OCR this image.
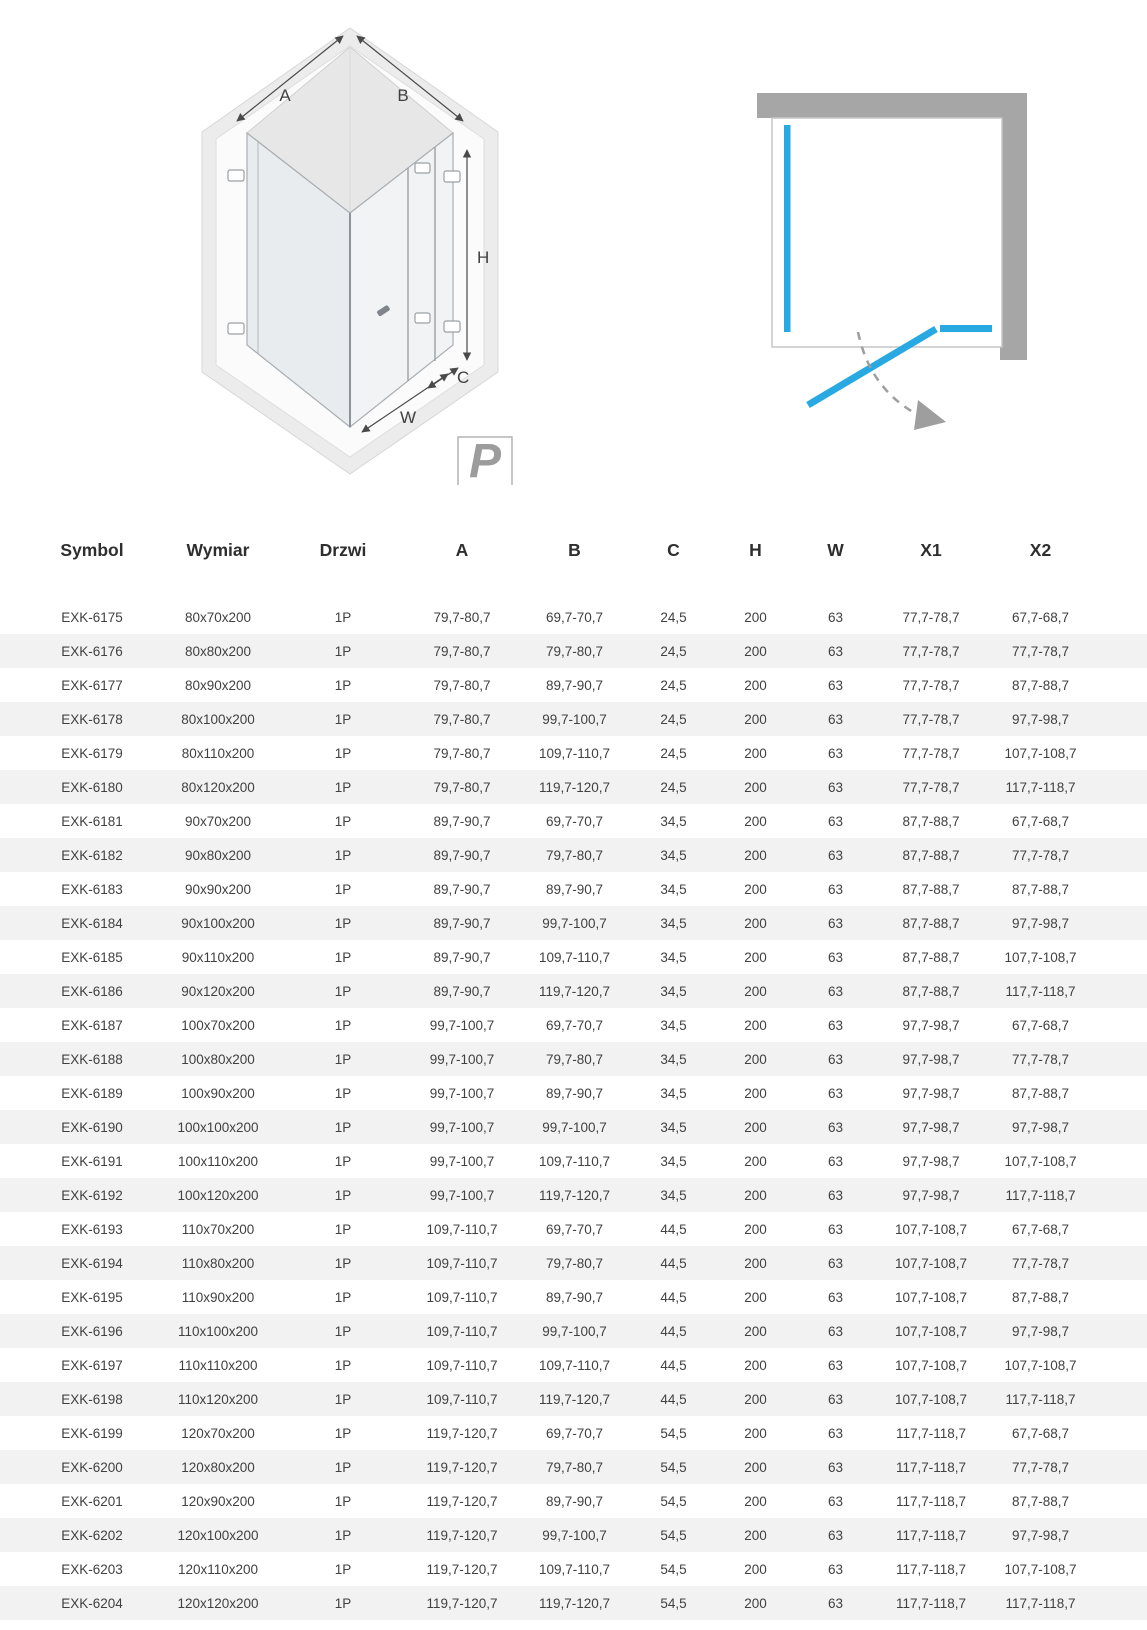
A	B
H
C
W
P
Symbol	Wymiar	Drzwi	A	B	C	H	W	X1	X2
EXK-6175	80x70x200	1P	79,7-80,7	69,7-70,7	24,5	200	63	77,7-78,7	67,7-68,7
EXK-6176	80x80x200	1P	79,7-80,7	79,7-80,7	24,5	200	63	77,7-78,7	77,7-78,7
EXK-6177	80x90x200	1P	79,7-80,7	89,7-90,7	24,5	200	63	77,7-78,7	87,7-88,7
EXK-6178	80x100x200	1P	79,7-80,7	99,7-100,7	24,5	200	63	77,7-78,7	97,7-98,7
EXK-6179	80x110x200	1P	79,7-80,7	109,7-110,7	24,5	200	63	77,7-78,7	107,7-108,7
EXK-6180	80x120x200	1P	79,7-80,7	119,7-120,7	24,5	200	63	77,7-78,7	117,7-118,7
EXK-6181	90x70x200	1P	89,7-90,7	69,7-70,7	34,5	200	63	87,7-88,7	67,7-68,7
EXK-6182	90x80x200	1P	89,7-90,7	79,7-80,7	34,5	200	63	87,7-88,7	77,7-78,7
EXK-6183	90x90x200	1P	89,7-90,7	89,7-90,7	34,5	200	63	87,7-88,7	87,7-88,7
EXK-6184	90x100x200	1P	89,7-90,7	99,7-100,7	34,5	200	63	87,7-88,7	97,7-98,7
EXK-6185	90x110x200	1P	89,7-90,7	109,7-110,7	34,5	200	63	87,7-88,7	107,7-108,7
EXK-6186	90x120x200	1P	89,7-90,7	119,7-120,7	34,5	200	63	87,7-88,7	117,7-118,7
EXK-6187	100x70x200	1P	99,7-100,7	69,7-70,7	34,5	200	63	97,7-98,7	67,7-68,7
EXK-6188	100x80x200	1P	99,7-100,7	79,7-80,7	34,5	200	63	97,7-98,7	77,7-78,7
EXK-6189	100x90x200	1P	99,7-100,7	89,7-90,7	34,5	200	63	97,7-98,7	87,7-88,7
EXK-6190	100x100x200	1P	99,7-100,7	99,7-100,7	34,5	200	63	97,7-98,7	97,7-98,7
EXK-6191	100x110x200	1P	99,7-100,7	109,7-110,7	34,5	200	63	97,7-98,7	107,7-108,7
EXK-6192	100x120x200	1P	99,7-100,7	119,7-120,7	34,5	200	63	97,7-98,7	117,7-118,7
EXK-6193	110x70x200	1P	109,7-110,7	69,7-70,7	44,5	200	63	107,7-108,7	67,7-68,7
EXK-6194	110x80x200	1P	109,7-110,7	79,7-80,7	44,5	200	63	107,7-108,7	77,7-78,7
EXK-6195	110x90x200	1P	109,7-110,7	89,7-90,7	44,5	200	63	107,7-108,7	87,7-88,7
EXK-6196	110x100x200	1P	109,7-110,7	99,7-100,7	44,5	200	63	107,7-108,7	97,7-98,7
EXK-6197	110x110x200	1P	109,7-110,7	109,7-110,7	44,5	200	63	107,7-108,7	107,7-108,7
EXK-6198	110x120x200	1P	109,7-110,7	119,7-120,7	44,5	200	63	107,7-108,7	117,7-118,7
EXK-6199	120x70x200	1P	119,7-120,7	69,7-70,7	54,5	200	63	117,7-118,7	67,7-68,7
EXK-6200	120x80x200	1P	119,7-120,7	79,7-80,7	54,5	200	63	117,7-118,7	77,7-78,7
EXK-6201	120x90x200	1P	119,7-120,7	89,7-90,7	54,5	200	63	117,7-118,7	87,7-88,7
EXK-6202	120x100x200	1P	119,7-120,7	99,7-100,7	54,5	200	63	117,7-118,7	97,7-98,7
EXK-6203	120x110x200	1P	119,7-120,7	109,7-110,7	54,5	200	63	117,7-118,7	107,7-108,7
EXK-6204	120x120x200	1P	119,7-120,7	119,7-120,7	54,5	200	63	117,7-118,7	117,7-118,7
